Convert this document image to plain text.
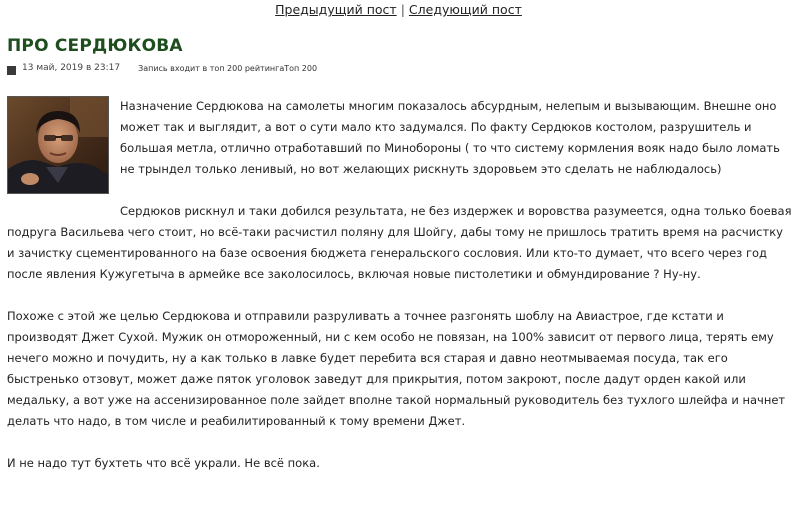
Предыдущий пост | Следующий пост
ПРО СЕРДЮКОВА
13 май, 2019 в 23:17 Запись входит в топ 200 рейтингаТоп 200

Назначение Сердюкова на самолеты многим показалось абсурдным, нелепым и вызывающим. Внешне оно может так и выглядит, а вот о сути мало кто задумался. По факту Сердюков костолом, разрушитель и большая метла, отлично отработавший по Минобороны ( то что систему кормления вояк надо было ломать не трындел только ленивый, но вот желающих рискнуть здоровьем это сделать не наблюдалось)

Сердюков рискнул и таки добился результата, не без издержек и воровства разумеется, одна только боевая подруга Васильева чего стоит, но всё-таки расчистил поляну для Шойгу, дабы тому не пришлось тратить время на расчистку и зачистку сцементированного на базе освоения бюджета генеральского сословия. Или кто-то думает, что всего через год после явления Кужугетыча в армейке все заколосилось, включая новые пистолетики и обмундирование ? Ну-ну.

Похоже с этой же целью Сердюкова и отправили разруливать а точнее разгонять шоблу на Авиастрое, где кстати и производят Джет Сухой. Мужик он отмороженный, ни с кем особо не повязан, на 100% зависит от первого лица, терять ему нечего можно и почудить, ну а как только в лавке будет перебита вся старая и давно неотмываемая посуда, так его быстренько отзовут, может даже пяток уголовок заведут для прикрытия, потом закроют, после дадут орден какой или медальку, а вот уже на ассенизированное поле зайдет вполне такой нормальный руководитель без тухлого шлейфа и начнет делать что надо, в том числе и реабилитированный к тому времени Джет.

И не надо тут бухтеть что всё украли. Не всё пока.
